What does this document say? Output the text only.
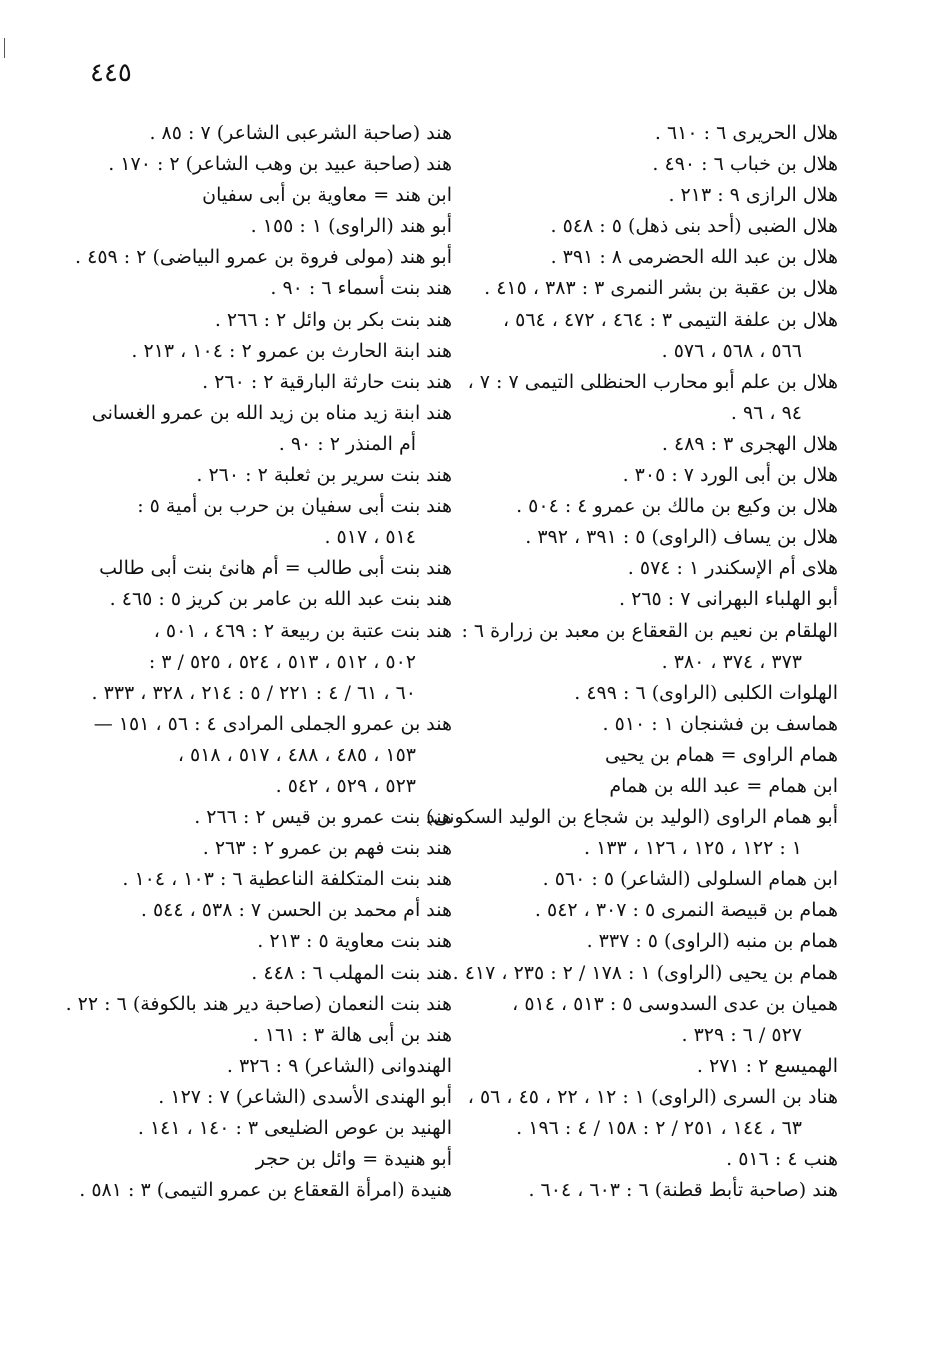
٤٤٥
هلال الحريرى ٦ : ٦١٠ .
هلال بن خباب ٦ : ٤٩٠ .
هلال الرازى ٩ : ٢١٣ .
هلال الضبى (أحد بنى ذهل) ٥ : ٥٤٨ .
هلال بن عبد الله الحضرمى ٨ : ٣٩١ .
هلال بن عقبة بن بشر النمرى ٣ : ٣٨٣ ، ٤١٥ .
هلال بن علفة التيمى ٣ : ٤٦٤ ، ٤٧٢ ، ٥٦٤ ،
٥٦٦ ، ٥٦٨ ، ٥٧٦ .
هلال بن علم أبو محارب الحنظلى التيمى ٧ : ٧ ،
٩٤ ، ٩٦ .
هلال الهجرى ٣ : ٤٨٩ .
هلال بن أبى الورد ٧ : ٣٠٥ .
هلال بن وكيع بن مالك بن عمرو ٤ : ٥٠٤ .
هلال بن يساف (الراوى) ٥ : ٣٩١ ، ٣٩٢ .
هلاى أم الإسكندر ١ : ٥٧٤ .
أبو الهلباء البهرانى ٧ : ٢٦٥ .
الهلقام بن نعيم بن القعقاع بن معبد بن زرارة ٦ :
٣٧٣ ، ٣٧٤ ، ٣٨٠ .
الهلوات الكلبى (الراوى) ٦ : ٤٩٩ .
هماسف بن فشنجان ١ : ٥١٠ .
همام الراوى = همام بن يحيى
ابن همام = عبد الله بن همام
أبو همام الراوى (الوليد بن شجاع بن الوليد السكونى)
١ : ١٢٢ ، ١٢٥ ، ١٢٦ ، ١٣٣ .
ابن همام السلولى (الشاعر) ٥ : ٥٦٠ .
همام بن قبيصة النمرى ٥ : ٣٠٧ ، ٥٤٢ .
همام بن منبه (الراوى) ٥ : ٣٣٧ .
همام بن يحيى (الراوى) ١ : ١٧٨ / ٢ : ٢٣٥ ، ٤١٧ .
هميان بن عدى السدوسى ٥ : ٥١٣ ، ٥١٤ ،
٥٢٧ / ٦ : ٣٢٩ .
الهميسع ٢ : ٢٧١ .
هناد بن السرى (الراوى) ١ : ١٢ ، ٢٢ ، ٤٥ ، ٥٦ ،
٦٣ ، ١٤٤ ، ٢٥١ / ٢ : ١٥٨ / ٤ : ١٩٦ .
هنب ٤ : ٥١٦ .
هند (صاحبة تأبط قطنة) ٦ : ٦٠٣ ، ٦٠٤ .
هند (صاحبة الشرعبى الشاعر) ٧ : ٨٥ .
هند (صاحبة عبيد بن وهب الشاعر) ٢ : ١٧٠ .
ابن هند = معاوية بن أبى سفيان
أبو هند (الراوى) ١ : ١٥٥ .
أبو هند (مولى فروة بن عمرو البياضى) ٢ : ٤٥٩ .
هند بنت أسماء ٦ : ٩٠ .
هند بنت بكر بن وائل ٢ : ٢٦٦ .
هند ابنة الحارث بن عمرو ٢ : ١٠٤ ، ٢١٣ .
هند بنت حارثة البارقية ٢ : ٢٦٠ .
هند ابنة زيد مناه بن زيد الله بن عمرو الغسانى
أم المنذر ٢ : ٩٠ .
هند بنت سرير بن ثعلبة ٢ : ٢٦٠ .
هند بنت أبى سفيان بن حرب بن أمية ٥ :
٥١٤ ، ٥١٧ .
هند بنت أبى طالب = أم هانئ بنت أبى طالب
هند بنت عبد الله بن عامر بن كريز ٥ : ٤٦٥ .
هند بنت عتبة بن ربيعة ٢ : ٤٦٩ ، ٥٠١ ،
٥٠٢ ، ٥١٢ ، ٥١٣ ، ٥٢٤ ، ٥٢٥ / ٣ :
٦٠ ، ٦١ / ٤ : ٢٢١ / ٥ : ٢١٤ ، ٣٢٨ ، ٣٣٣ .
هند بن عمرو الجملى المرادى ٤ : ٥٦ ، ١٥١ —
١٥٣ ، ٤٨٥ ، ٤٨٨ ، ٥١٧ ، ٥١٨ ،
٥٢٣ ، ٥٢٩ ، ٥٤٢ .
هند بنت عمرو بن قيس ٢ : ٢٦٦ .
هند بنت فهم بن عمرو ٢ : ٢٦٣ .
هند بنت المتكلفة الناعطية ٦ : ١٠٣ ، ١٠٤ .
هند أم محمد بن الحسن ٧ : ٥٣٨ ، ٥٤٤ .
هند بنت معاوية ٥ : ٢١٣ .
هند بنت المهلب ٦ : ٤٤٨ .
هند بنت النعمان (صاحبة دير هند بالكوفة) ٦ : ٢٢ .
هند بن أبى هالة ٣ : ١٦١ .
الهندوانى (الشاعر) ٩ : ٣٢٦ .
أبو الهندى الأسدى (الشاعر) ٧ : ١٢٧ .
الهنيد بن عوص الضليعى ٣ : ١٤٠ ، ١٤١ .
أبو هنيدة = وائل بن حجر
هنيدة (امرأة القعقاع بن عمرو التيمى) ٣ : ٥٨١ .
